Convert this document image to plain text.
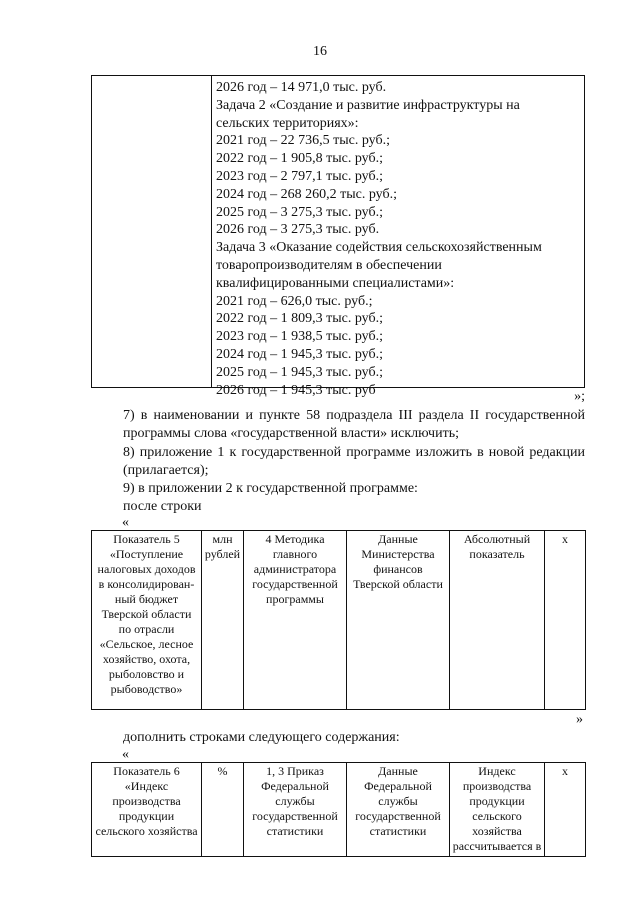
16
2026 год – 14 971,0 тыс. руб.
Задача 2 «Создание и развитие инфраструктуры на
сельских территориях»:
2021 год – 22 736,5 тыс. руб.;
2022 год – 1 905,8 тыс. руб.;
2023 год – 2 797,1 тыс. руб.;
2024 год – 268 260,2 тыс. руб.;
2025 год – 3 275,3 тыс. руб.;
2026 год – 3 275,3 тыс. руб.
Задача 3 «Оказание содействия сельскохозяйственным
товаропроизводителям в обеспечении
квалифицированными специалистами»:
2021 год – 626,0 тыс. руб.;
2022 год – 1 809,3 тыс. руб.;
2023 год – 1 938,5 тыс. руб.;
2024 год – 1 945,3 тыс. руб.;
2025 год – 1 945,3 тыс. руб.;
2026 год – 1 945,3 тыс. руб	»;
7) в наименовании и пункте 58 подраздела III раздела II государственной программы слова «государственной власти» исключить;
8) приложение 1 к государственной программе изложить в новой редакции (прилагается);
9) в приложении 2 к государственной программе:
после строки
«
Показатель 5 «Поступление налоговых доходов в консолидирован-ный бюджет Тверской области по отрасли «Сельское, лесное хозяйство, охота, рыболовство и рыбоводство»	млн рублей	4 Методика главного администратора государственной программы	Данные Министерства финансов Тверской области	Абсолютный показатель	x
»
дополнить строками следующего содержания:
«
Показатель 6 «Индекс производства продукции сельского хозяйства	%	1, 3 Приказ Федеральной службы государственной статистики	Данные Федеральной службы государственной статистики	Индекс производства продукции сельского хозяйства рассчитывается в	x
